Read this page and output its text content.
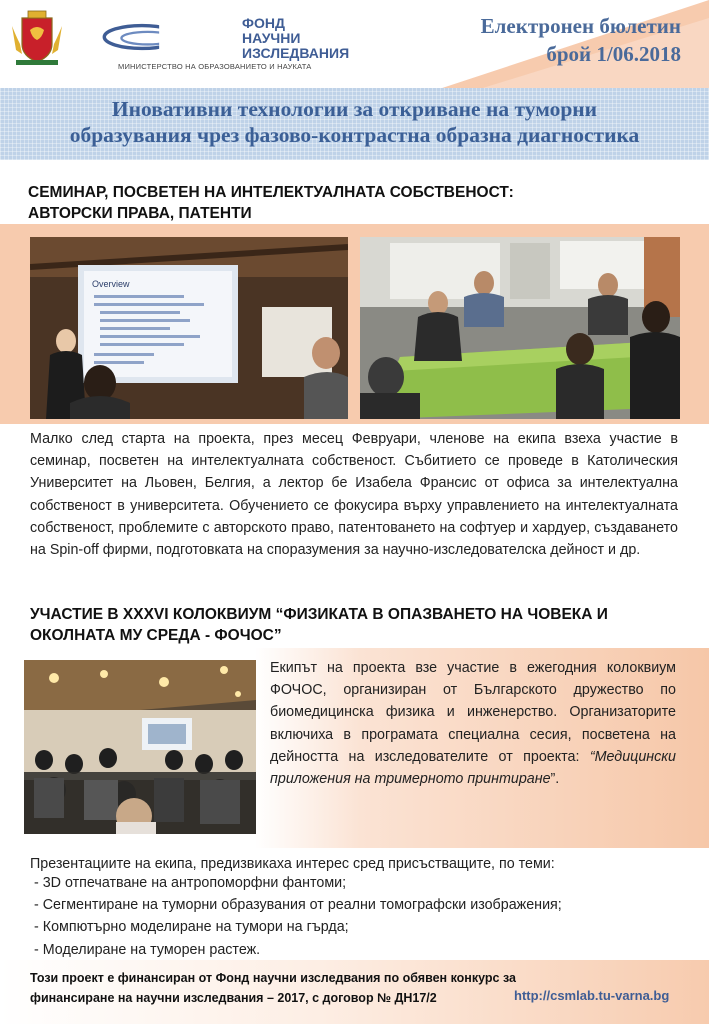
ФОНД
НАУЧНИ
ИЗСЛЕДВАНИЯ
МИНИСТЕРСТВО НА ОБРАЗОВАНИЕТО И НАУКАТА
Електронен бюлетин
брой 1/06.2018
Иновативни технологии за откриване на туморни
образувания чрез фазово-контрастна образна диагностика
СЕМИНАР, ПОСВЕТЕН НА ИНТЕЛЕКТУАЛНАТА СОБСТВЕНОСТ:
АВТОРСКИ ПРАВА, ПАТЕНТИ
Overview
Малко след старта на проекта, през месец Февруари, членове на екипа взеха участие в семинар, посветен на интелектуалната собственост. Събитието се проведе в Католическия Университет на Льовен, Белгия, а лектор бе Изабела Франсис от офиса за интелектуална собственост в университета. Обучението се фокусира върху управлението на интелектуалната собственост, проблемите с авторското право, патентоването на софтуер и хардуер, създаването на Spin-off фирми, подготовката на споразумения за научно-изследователска дейност и др.
УЧАСТИЕ В XXXVI КОЛОКВИУМ “ФИЗИКАТА В ОПАЗВАНЕТО НА ЧОВЕКА И
ОКОЛНАТА МУ СРЕДА - ФОЧОС”
Екипът на проекта взе участие в ежегодния колоквиум ФОЧОС, организиран от Българското дружество по биомедицинска физика и инженерство. Организаторите включиха в програмата специална сесия, посветена на дейността на изследователите от проекта: “Медицински приложения на тримерното принтиране”.
Презентациите на екипа, предизвикаха интерес сред присъстващите, по теми:
- 3D отпечатване на антропоморфни фантоми;
- Сегментиране на туморни образувания от реални томографски изображения;
- Компютърно моделиране на тумори на гърда;
- Моделиране на туморен растеж.
Този проект е финансиран от Фонд научни изследвания по обявен конкурс за
финансиране на научни изследвания – 2017, с договор № ДН17/2	http://csmlab.tu-varna.bg
